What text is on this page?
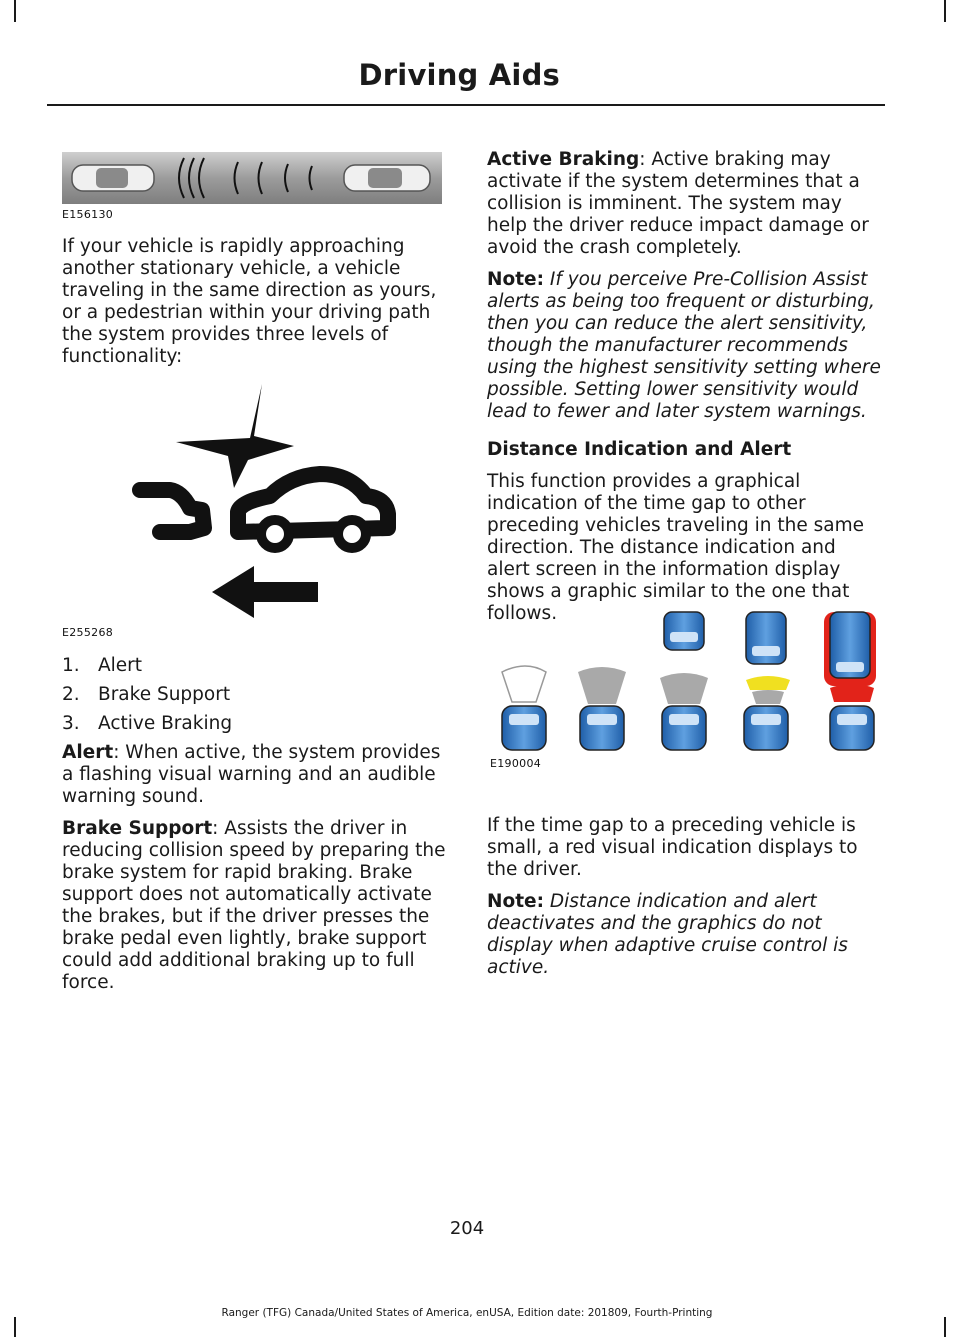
Driving Aids
E156130

If your vehicle is rapidly approaching another stationary vehicle, a vehicle traveling in the same direction as yours, or a pedestrian within your driving path the system provides three levels of functionality:

E255268
1. Alert
2. Brake Support
3. Active Braking

Alert: When active, the system provides a flashing visual warning and an audible warning sound.

Brake Support: Assists the driver in reducing collision speed by preparing the brake system for rapid braking. Brake support does not automatically activate the brakes, but if the driver presses the brake pedal even lightly, brake support could add additional braking up to full force.

Active Braking: Active braking may activate if the system determines that a collision is imminent. The system may help the driver reduce impact damage or avoid the crash completely.

Note: If you perceive Pre-Collision Assist alerts as being too frequent or disturbing, then you can reduce the alert sensitivity, though the manufacturer recommends using the highest sensitivity setting where possible. Setting lower sensitivity would lead to fewer and later system warnings.

Distance Indication and Alert

This function provides a graphical indication of the time gap to other preceding vehicles traveling in the same direction. The distance indication and alert screen in the information display shows a graphic similar to the one that follows.

E190004

If the time gap to a preceding vehicle is small, a red visual indication displays to the driver.

Note: Distance indication and alert deactivates and the graphics do not display when adaptive cruise control is active.

204
Ranger (TFG) Canada/United States of America, enUSA, Edition date: 201809, Fourth-Printing
